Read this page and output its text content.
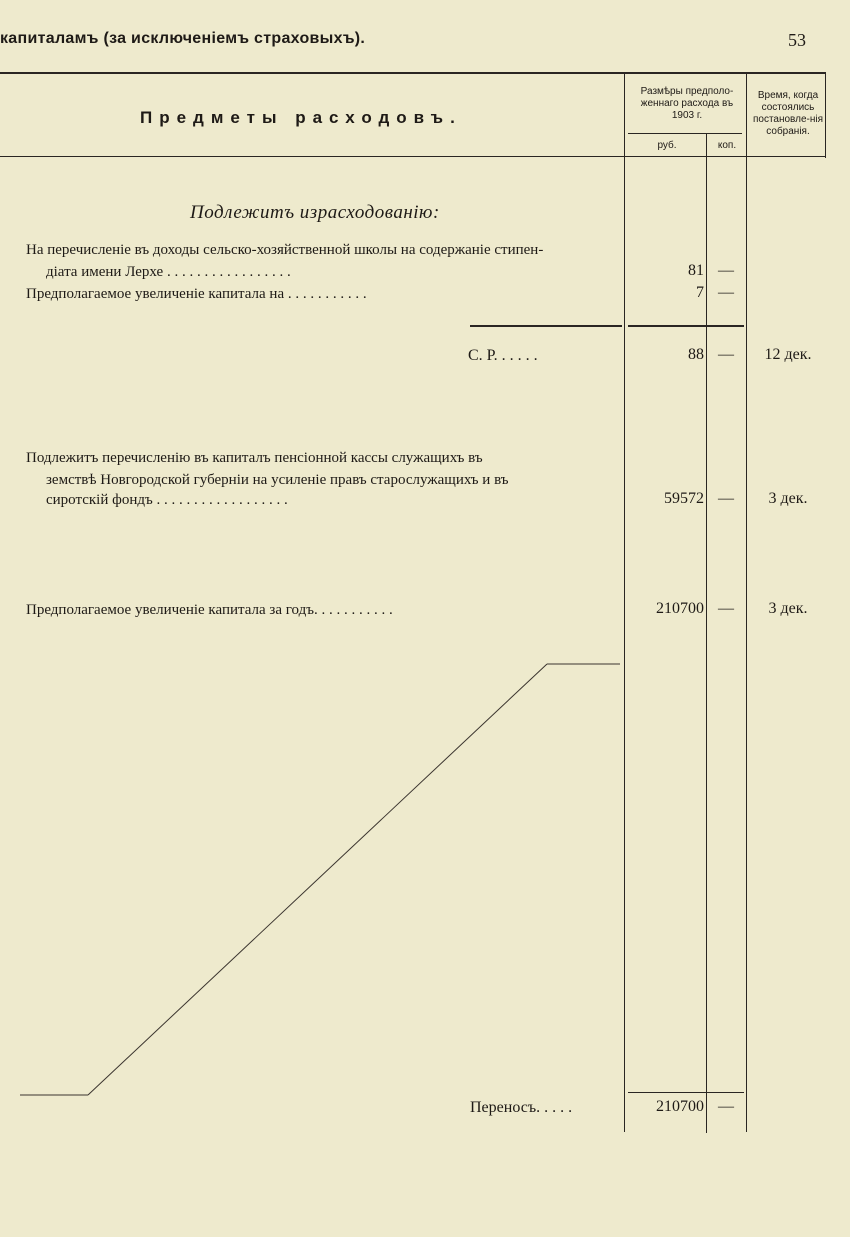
капиталамъ (за исключеніемъ страховыхъ).	53
Предметы расходовъ.
Размѣры предполо-женнаго расхода въ 1903 г.
руб.	коп.
Время, когда состоялись постановле-нія собранія.
Подлежитъ израсходованію:
На перечисленіе въ доходы сельско-хозяйственной школы на содержаніе стипен-
діата имени Лерхе . . . . . . . . . . . . . . . . .	81 —
Предполагаемое увеличеніе капитала на . . . . . . . . . . .	7 —
С. Р. . . . . .	88 —	12 дек.
Подлежитъ перечисленію въ капиталъ пенсіонной кассы служащихъ въ
земствѣ Новгородской губерніи на усиленіе правъ старослужащихъ и въ
сиротскій фондъ . . . . . . . . . . . . . . . . . .	59572 —	3 дек.
Предполагаемое увеличеніе капитала за годъ. . . . . . . . . . .	210700 —	3 дек.
Переносъ. . . . .	210700 —
